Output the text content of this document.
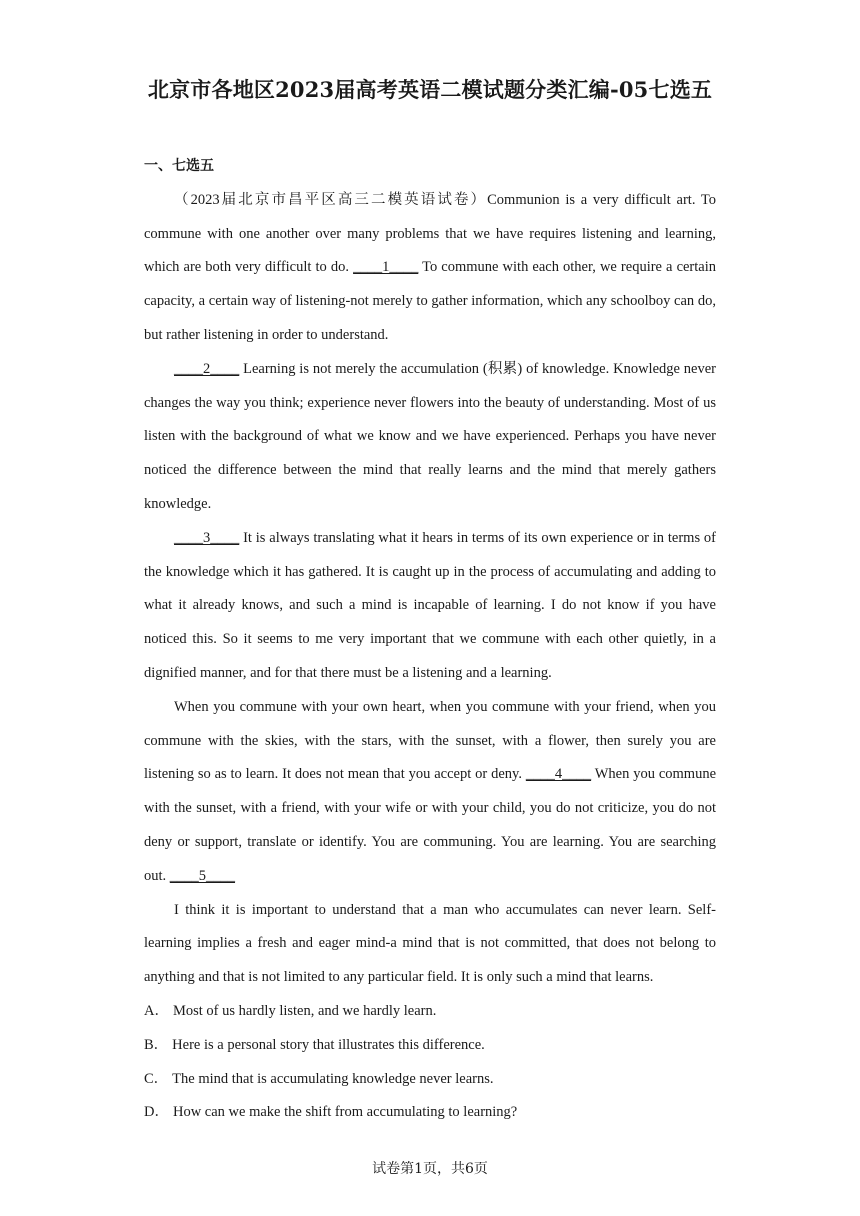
北京市各地区2023届高考英语二模试题分类汇编-05七选五

一、七选五

（2023届北京市昌平区高三二模英语试卷）Communion is a very difficult art. To commune with one another over many problems that we have requires listening and learning, which are both very difficult to do. ____1____ To commune with each other, we require a certain capacity, a certain way of listening-not merely to gather information, which any schoolboy can do, but rather listening in order to understand.

____2____ Learning is not merely the accumulation (积累) of knowledge. Knowledge never changes the way you think; experience never flowers into the beauty of understanding. Most of us listen with the background of what we know and we have experienced. Perhaps you have never noticed the difference between the mind that really learns and the mind that merely gathers knowledge.

____3____ It is always translating what it hears in terms of its own experience or in terms of the knowledge which it has gathered. It is caught up in the process of accumulating and adding to what it already knows, and such a mind is incapable of learning. I do not know if you have noticed this. So it seems to me very important that we commune with each other quietly, in a dignified manner, and for that there must be a listening and a learning.

When you commune with your own heart, when you commune with your friend, when you commune with the skies, with the stars, with the sunset, with a flower, then surely you are listening so as to learn. It does not mean that you accept or deny. ____4____ When you commune with the sunset, with a friend, with your wife or with your child, you do not criticize, you do not deny or support, translate or identify. You are communing. You are learning. You are searching out. ____5____

I think it is important to understand that a man who accumulates can never learn. Self-learning implies a fresh and eager mind-a mind that is not committed, that does not belong to anything and that is not limited to any particular field. It is only such a mind that learns.

A． Most of us hardly listen, and we hardly learn.

B． Here is a personal story that illustrates this difference.

C． The mind that is accumulating knowledge never learns.

D． How can we make the shift from accumulating to learning?

试卷第1页，共6页
